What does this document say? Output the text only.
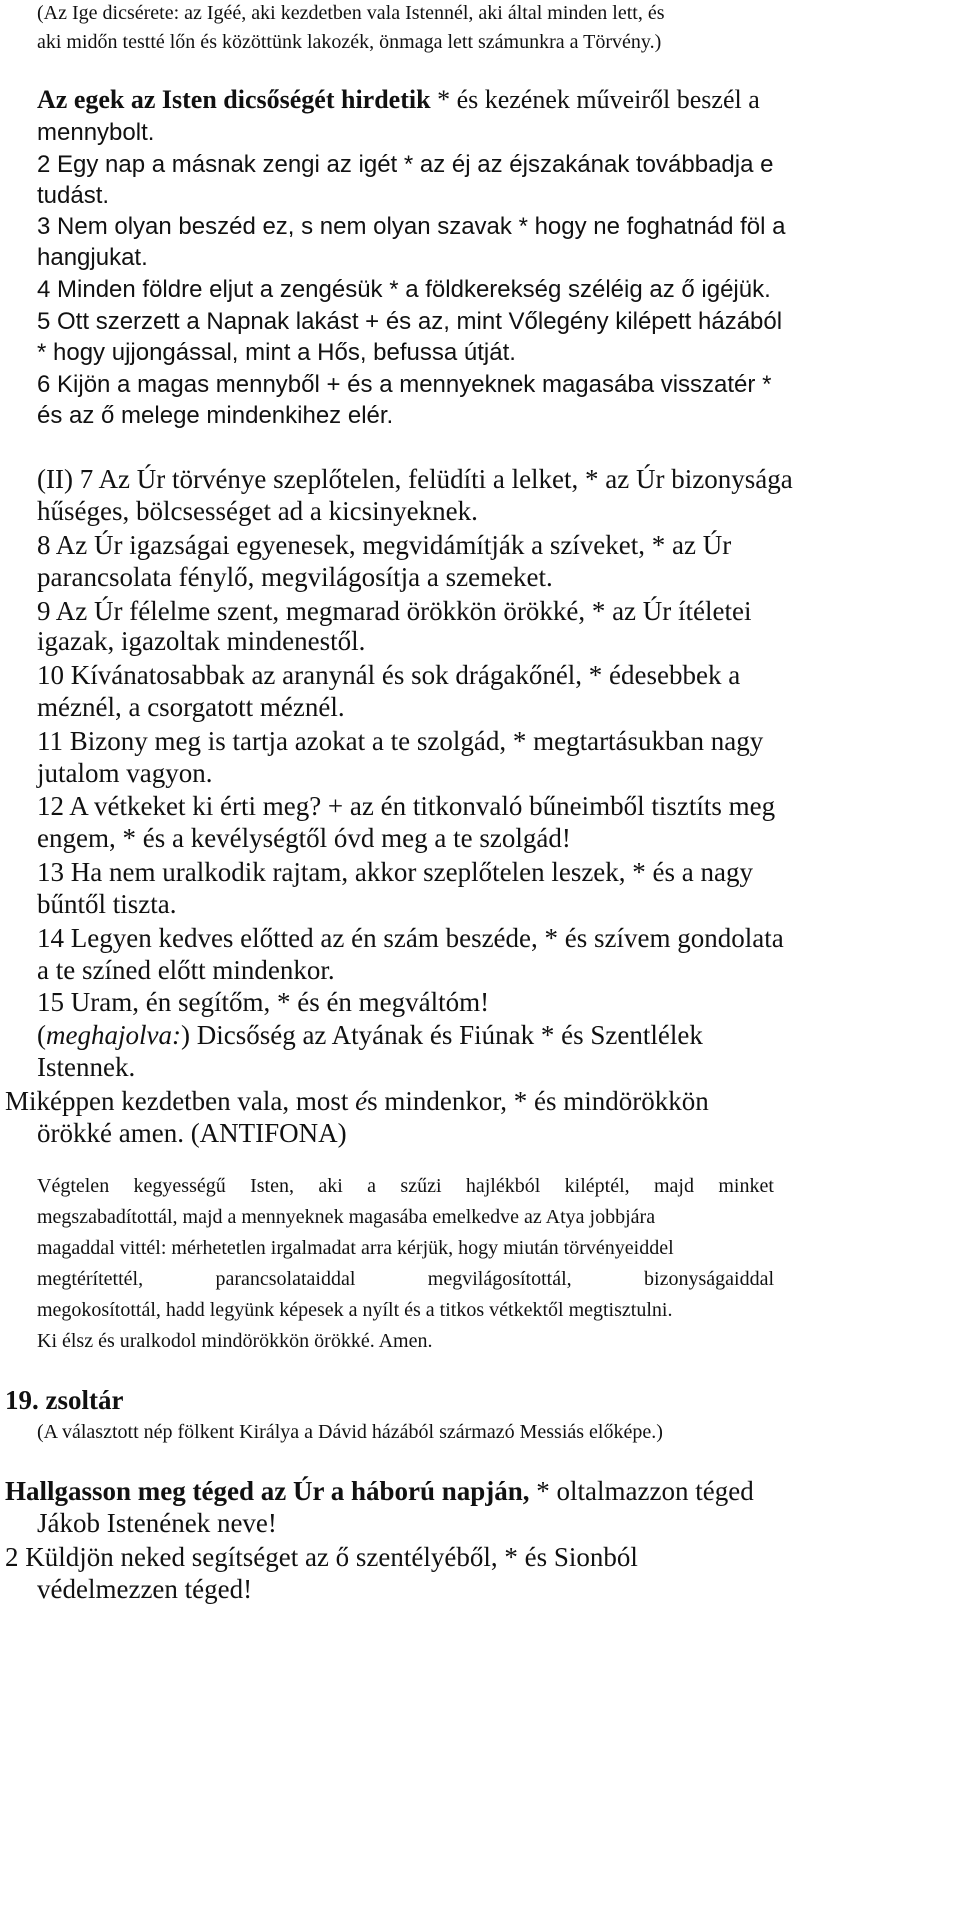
(Az Ige dicsérete: az Igéé, aki kezdetben vala Istennél, aki által minden lett, és
aki midőn testté lőn és közöttünk lakozék, önmaga lett számunkra a Törvény.)
Az egek az Isten dicsőségét hirdetik * és kezének műveiről beszél a
mennybolt.
2 Egy nap a másnak zengi az igét * az éj az éjszakának továbbadja e
tudást.
3 Nem olyan beszéd ez, s nem olyan szavak * hogy ne foghatnád föl a
hangjukat.
4 Minden földre eljut a zengésük * a földkerekség széléig az ő igéjük.
5 Ott szerzett a Napnak lakást + és az, mint Vőlegény kilépett házából
* hogy ujjongással, mint a Hős, befussa útját.
6 Kijön a magas mennyből + és a mennyeknek magasába visszatér *
és az ő melege mindenkihez elér.
(II) 7 Az Úr törvénye szeplőtelen, felüdíti a lelket, * az Úr bizonysága
hűséges, bölcsességet ad a kicsinyeknek.
8 Az Úr igazságai egyenesek, megvidámítják a szíveket, * az Úr
parancsolata fénylő, megvilágosítja a szemeket.
9 Az Úr félelme szent, megmarad örökkön örökké, * az Úr ítéletei
igazak, igazoltak mindenestől.
10 Kívánatosabbak az aranynál és sok drágakőnél, * édesebbek a
méznél, a csorgatott méznél.
11 Bizony meg is tartja azokat a te szolgád, * megtartásukban nagy
jutalom vagyon.
12 A vétkeket ki érti meg? + az én titkonvaló bűneimből tisztíts meg
engem, * és a kevélységtől óvd meg a te szolgád!
13 Ha nem uralkodik rajtam, akkor szeplőtelen leszek, * és a nagy
bűntől tiszta.
14 Legyen kedves előtted az én szám beszéde, * és szívem gondolata
a te színed előtt mindenkor.
15 Uram, én segítőm, * és én megváltóm!
(meghajolva:) Dicsőség az Atyának és Fiúnak * és Szentlélek
Istennek.
Miképpen kezdetben vala, most és mindenkor, * és mindörökkön
örökké amen. (ANTIFONA)
Végtelen kegyességű Isten, aki a szűzi hajlékból kiléptél, majd minket
megszabadítottál, majd a mennyeknek magasába emelkedve az Atya jobbjára
magaddal vittél: mérhetetlen irgalmadat arra kérjük, hogy miután törvényeiddel
megtérítettél, parancsolataiddal megvilágosítottál, bizonyságaiddal
megokosítottál, hadd legyünk képesek a nyílt és a titkos vétkektől megtisztulni.
Ki élsz és uralkodol mindörökkön örökké. Amen.
19. zsoltár
(A választott nép fölkent Királya a Dávid házából származó Messiás előképe.)
Hallgasson meg téged az Úr a háború napján, * oltalmazzon téged
Jákob Istenének neve!
2 Küldjön neked segítséget az ő szentélyéből, * és Sionból
védelmezzen téged!
